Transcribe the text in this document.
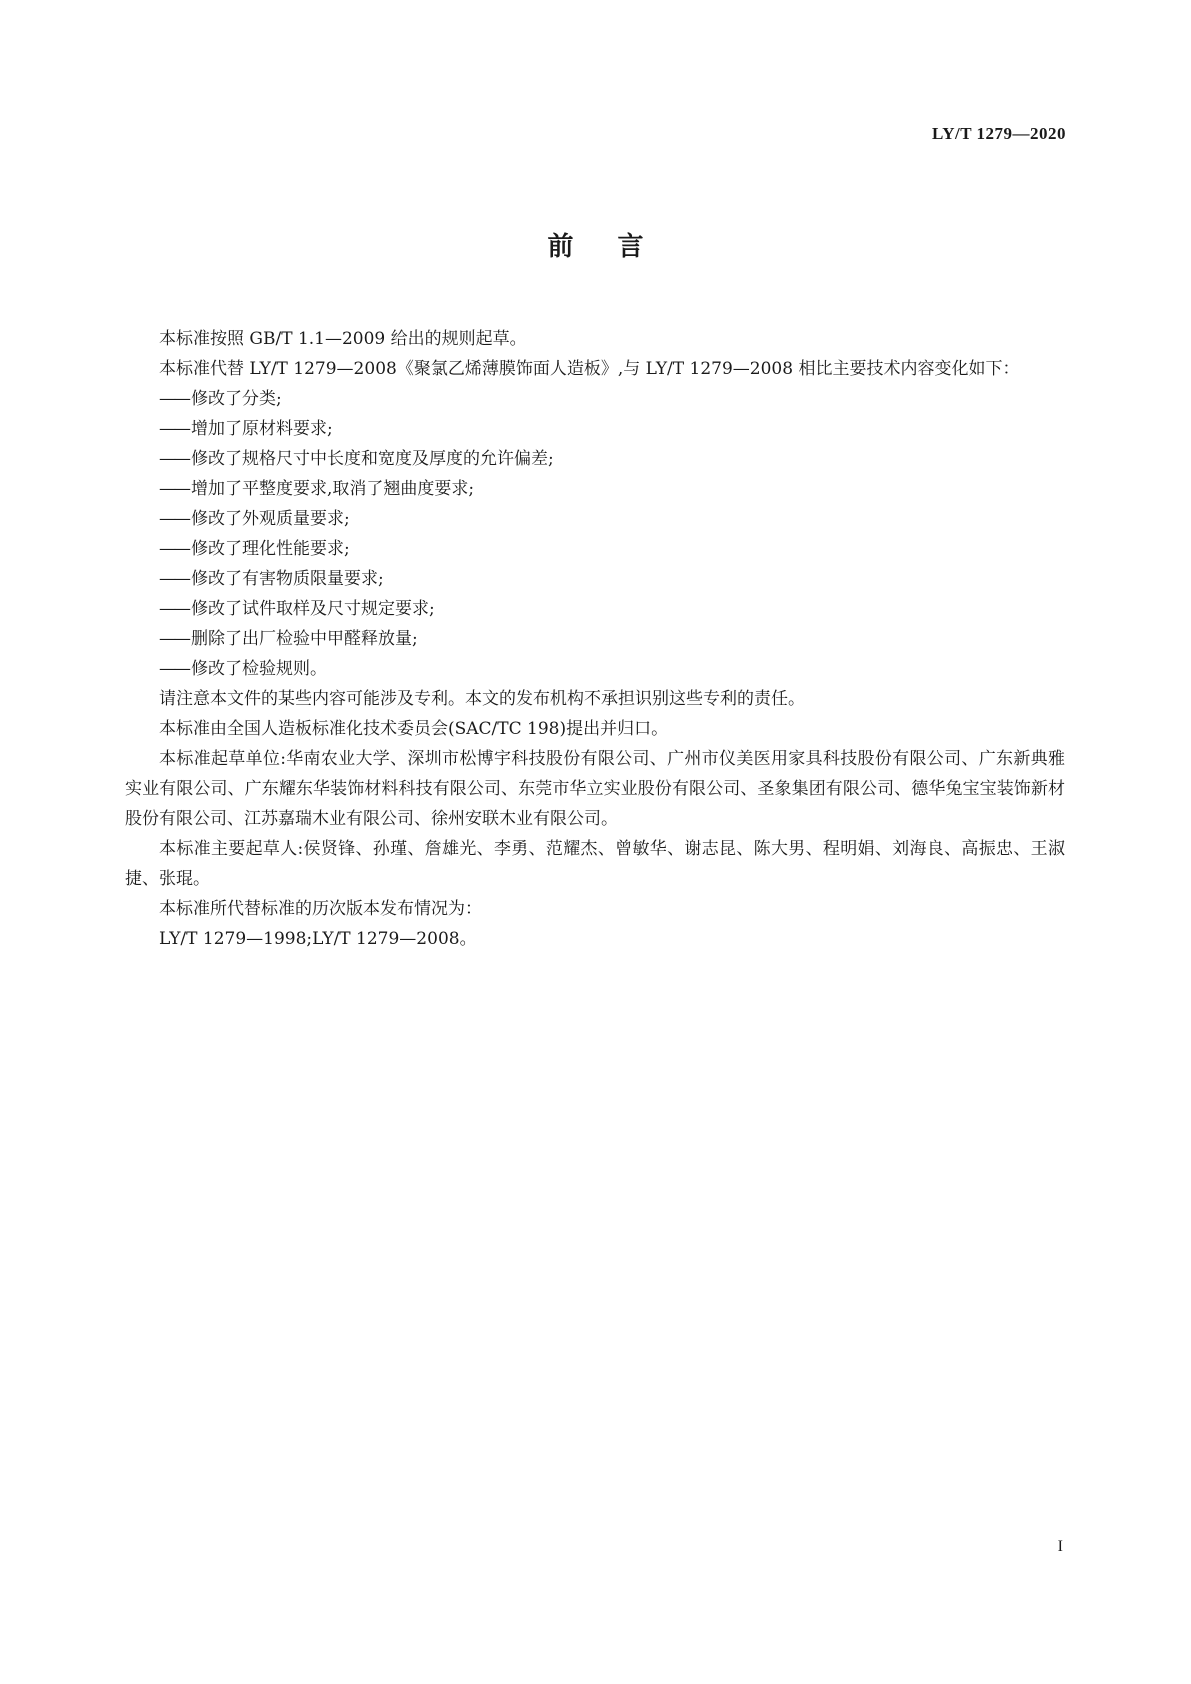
LY/T 1279—2020
前言

本标准按照 GB/T 1.1—2009 给出的规则起草。

本标准代替 LY/T 1279—2008《聚氯乙烯薄膜饰面人造板》,与 LY/T 1279—2008 相比主要技术内容变化如下：

—— 修改了分类;
—— 增加了原材料要求;
—— 修改了规格尺寸中长度和宽度及厚度的允许偏差;
—— 增加了平整度要求,取消了翘曲度要求;
—— 修改了外观质量要求;
—— 修改了理化性能要求;
—— 修改了有害物质限量要求;
—— 修改了试件取样及尺寸规定要求;
—— 删除了出厂检验中甲醛释放量;
—— 修改了检验规则。

请注意本文件的某些内容可能涉及专利。本文的发布机构不承担识别这些专利的责任。

本标准由全国人造板标准化技术委员会(SAC/TC 198)提出并归口。

本标准起草单位:华南农业大学、深圳市松博宇科技股份有限公司、广州市仪美医用家具科技股份有限公司、广东新典雅实业有限公司、广东耀东华装饰材料科技有限公司、东莞市华立实业股份有限公司、圣象集团有限公司、德华兔宝宝装饰新材股份有限公司、江苏嘉瑞木业有限公司、徐州安联木业有限公司。

本标准主要起草人:侯贤锋、孙瑾、詹雄光、李勇、范耀杰、曾敏华、谢志昆、陈大男、程明娟、刘海良、高振忠、王淑捷、张琨。

本标准所代替标准的历次版本发布情况为：

LY/T 1279—1998;LY/T 1279—2008。

I
